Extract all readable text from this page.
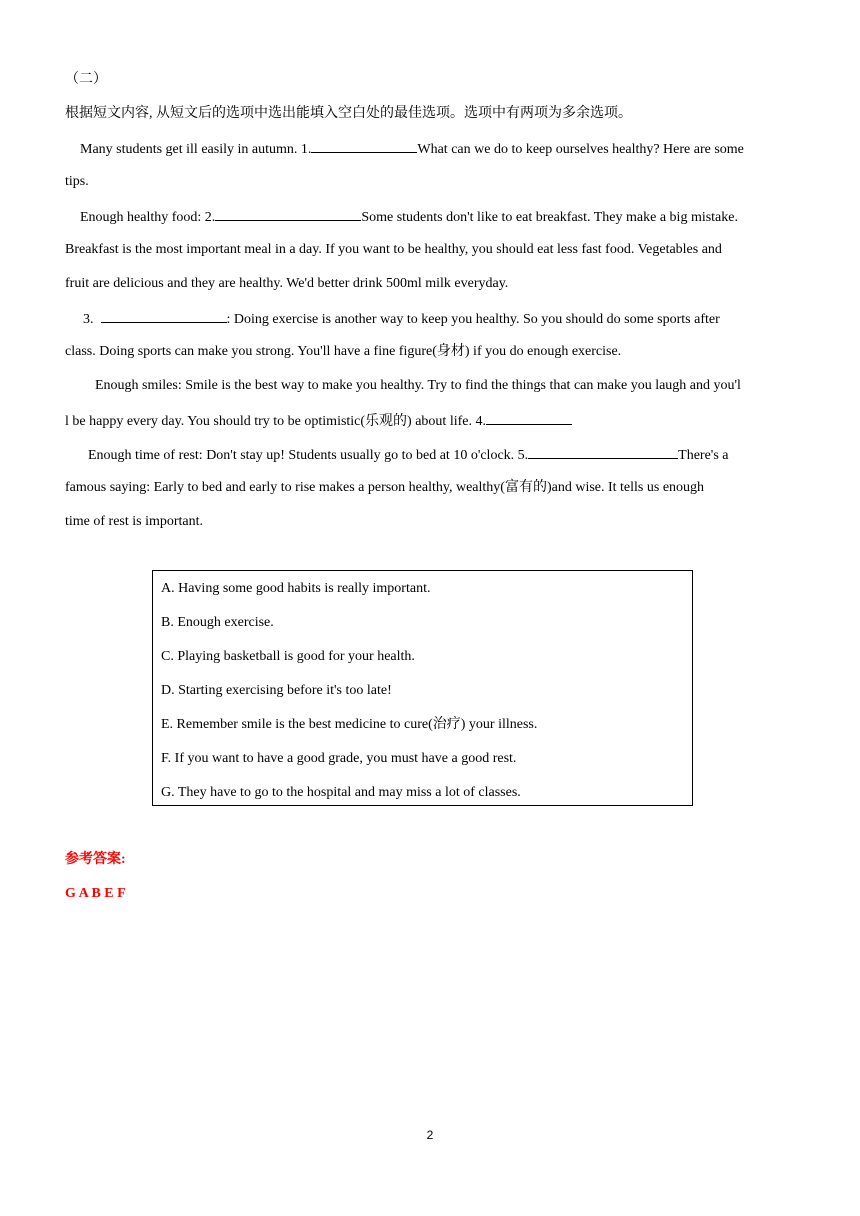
（二）
根据短文内容, 从短文后的选项中选出能填入空白处的最佳选项。选项中有两项为多余选项。
Many students get ill easily in autumn. 1.	What can we do to keep ourselves healthy? Here are some
tips.
Enough healthy food: 2.	Some students don't like to eat breakfast. They make a big mistake.
Breakfast is the most important meal in a day. If you want to be healthy, you should eat less fast food. Vegetables and
fruit are delicious and they are healthy. We'd better drink 500ml milk everyday.
3.	: Doing exercise is another way to keep you healthy. So you should do some sports after
class. Doing sports can make you strong. You'll have a fine figure(身材) if you do enough exercise.
Enough smiles: Smile is the best way to make you healthy. Try to find the things that can make you laugh and you'l
l be happy every day. You should try to be optimistic(乐观的) about life. 4.
Enough time of rest: Don't stay up! Students usually go to bed at 10 o'clock. 5.	There's a
famous saying: Early to bed and early to rise makes a person healthy, wealthy(富有的)and wise. It tells us enough
time of rest is important.
A. Having some good habits is really important.
B. Enough exercise.
C. Playing basketball is good for your health.
D. Starting exercising before it's too late!
E. Remember smile is the best medicine to cure(治疗) your illness.
F. If you want to have a good grade, you must have a good rest.
G. They have to go to the hospital and may miss a lot of classes.
参考答案:
G A B E F
2
